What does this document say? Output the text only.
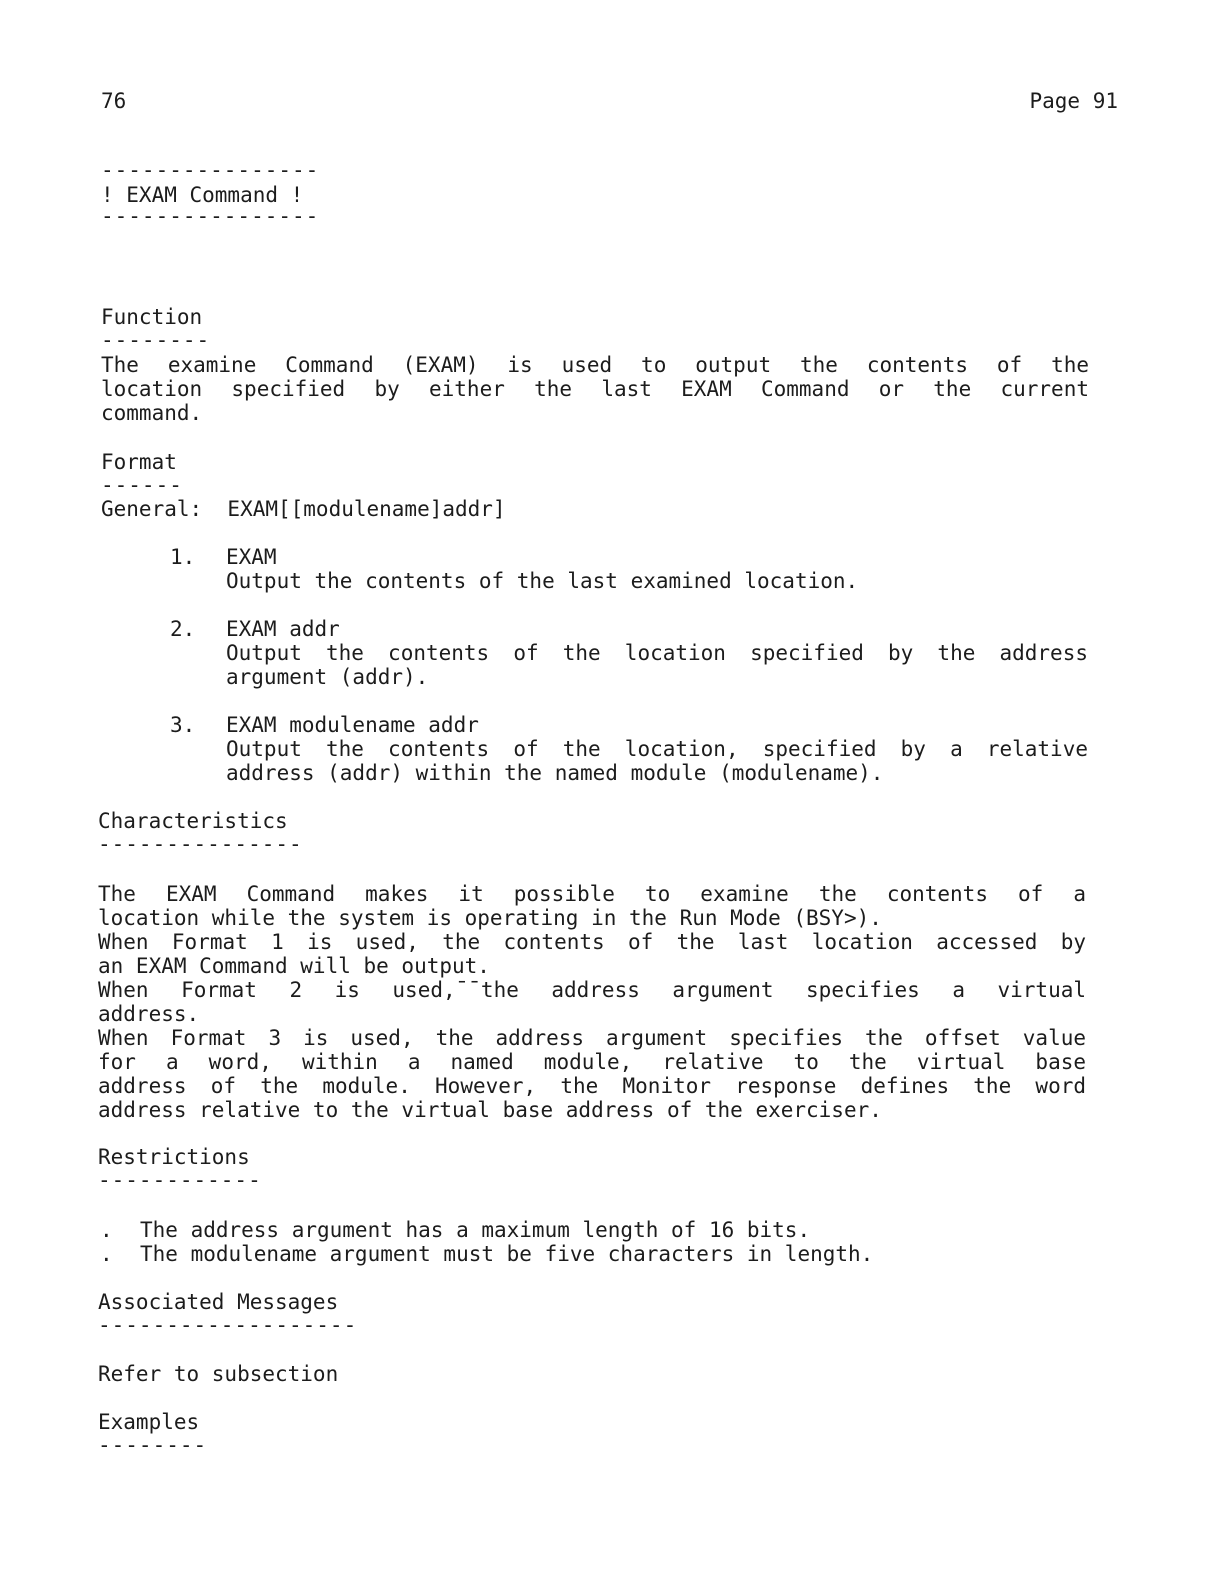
76	Page 91
----------------
! EXAM Command !
----------------
Function
--------
The examine Command (EXAM) is used to output the contents of the
location specified by either the last EXAM Command or the current
command.
Format
------
General:  EXAM[[modulename]addr]
1. EXAM
Output the contents of the last examined location.
2. EXAM addr
Output the contents of the location specified by the address
argument (addr).
3. EXAM modulename addr
Output the contents of the location, specified by a relative
address (addr) within the named module (modulename).
Characteristics
---------------
The EXAM Command makes it possible to examine the contents of a
location while the system is operating in the Run Mode (BSY>).
When Format 1 is used, the contents of the last location accessed by
an EXAM Command will be output.
When Format 2 is used,¯¯the address argument specifies a virtual
address.
When Format 3 is used, the address argument specifies the offset value
for a word, within a named module, relative to the virtual base
address of the module. However, the Monitor response defines the word
address relative to the virtual base address of the exerciser.
Restrictions
------------
. The address argument has a maximum length of 16 bits.
. The modulename argument must be five characters in length.
Associated Messages
-------------------
Refer to subsection
Examples
--------
